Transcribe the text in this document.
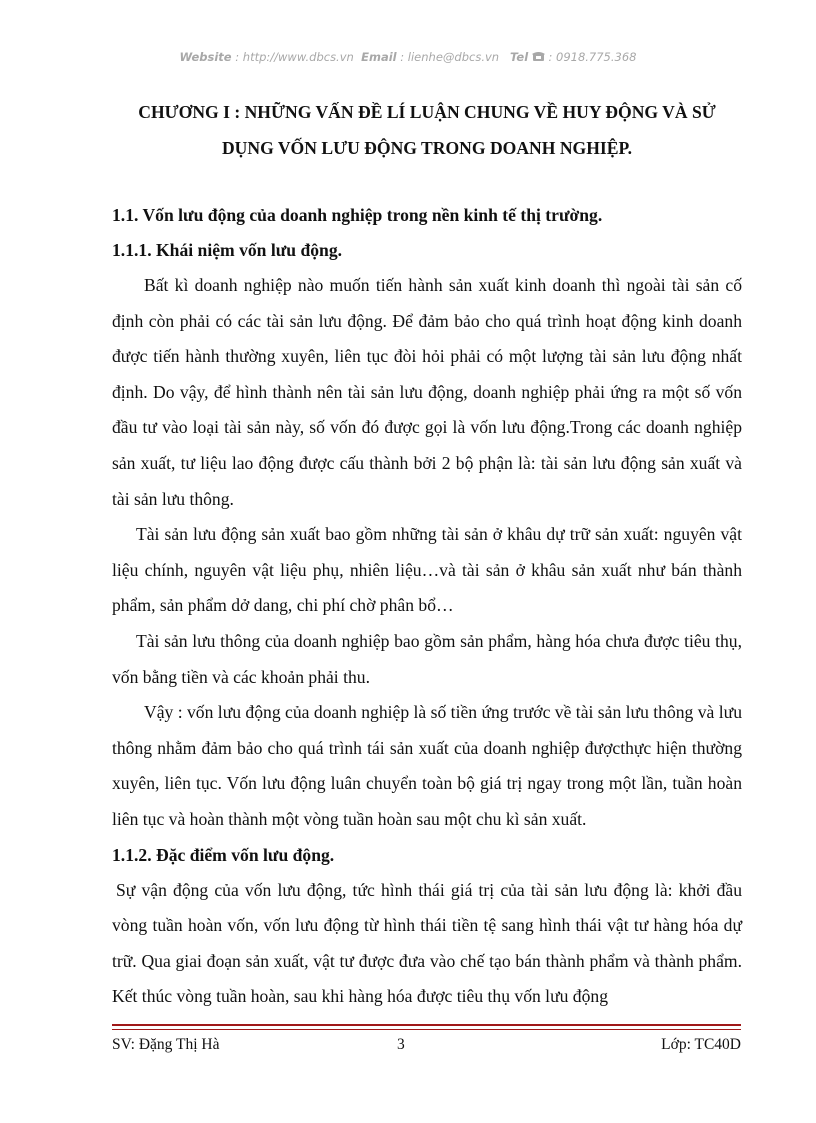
Website : http://www.dbcs.vn Email : lienhe@dbcs.vn Tel : 0918.775.368
CHƯƠNG I : NHỮNG VẤN ĐỀ LÍ LUẬN CHUNG VỀ HUY ĐỘNG VÀ SỬ DỤNG VỐN LƯU ĐỘNG TRONG DOANH NGHIỆP.
1.1. Vốn lưu động của doanh nghiệp trong nền kinh tế thị trường.
1.1.1. Khái niệm vốn lưu động.

Bất kì doanh nghiệp nào muốn tiến hành sản xuất kinh doanh thì ngoài tài sản cố định còn phải có các tài sản lưu động. Để đảm bảo cho quá trình hoạt động kinh doanh được tiến hành thường xuyên, liên tục đòi hỏi phải có một lượng tài sản lưu động nhất định. Do vậy, để hình thành nên tài sản lưu động, doanh nghiệp phải ứng ra một số vốn đầu tư vào loại tài sản này, số vốn đó được gọi là vốn lưu động.Trong các doanh nghiệp sản xuất, tư liệu lao động được cấu thành bởi 2 bộ phận là: tài sản lưu động sản xuất và tài sản lưu thông.

Tài sản lưu động sản xuất bao gồm những tài sản ở khâu dự trữ sản xuất: nguyên vật liệu chính, nguyên vật liệu phụ, nhiên liệu…và tài sản ở khâu sản xuất như bán thành phẩm, sản phẩm dở dang, chi phí chờ phân bổ…

Tài sản lưu thông của doanh nghiệp bao gồm sản phẩm, hàng hóa chưa được tiêu thụ, vốn bằng tiền và các khoản phải thu.

Vậy : vốn lưu động của doanh nghiệp là số tiền ứng trước về tài sản lưu thông và lưu thông nhằm đảm bảo cho quá trình tái sản xuất của doanh nghiệp đượcthực hiện thường xuyên, liên tục. Vốn lưu động luân chuyển toàn bộ giá trị ngay trong một lần, tuần hoàn liên tục và hoàn thành một vòng tuần hoàn sau một chu kì sản xuất.

1.1.2. Đặc điểm vốn lưu động.

Sự vận động của vốn lưu động, tức hình thái giá trị của tài sản lưu động là: khởi đầu vòng tuần hoàn vốn, vốn lưu động từ hình thái tiền tệ sang hình thái vật tư hàng hóa dự trữ. Qua giai đoạn sản xuất, vật tư được đưa vào chế tạo bán thành phẩm và thành phẩm. Kết thúc vòng tuần hoàn, sau khi hàng hóa được tiêu thụ vốn lưu động

SV: Đặng Thị Hà	3	Lớp: TC40D
